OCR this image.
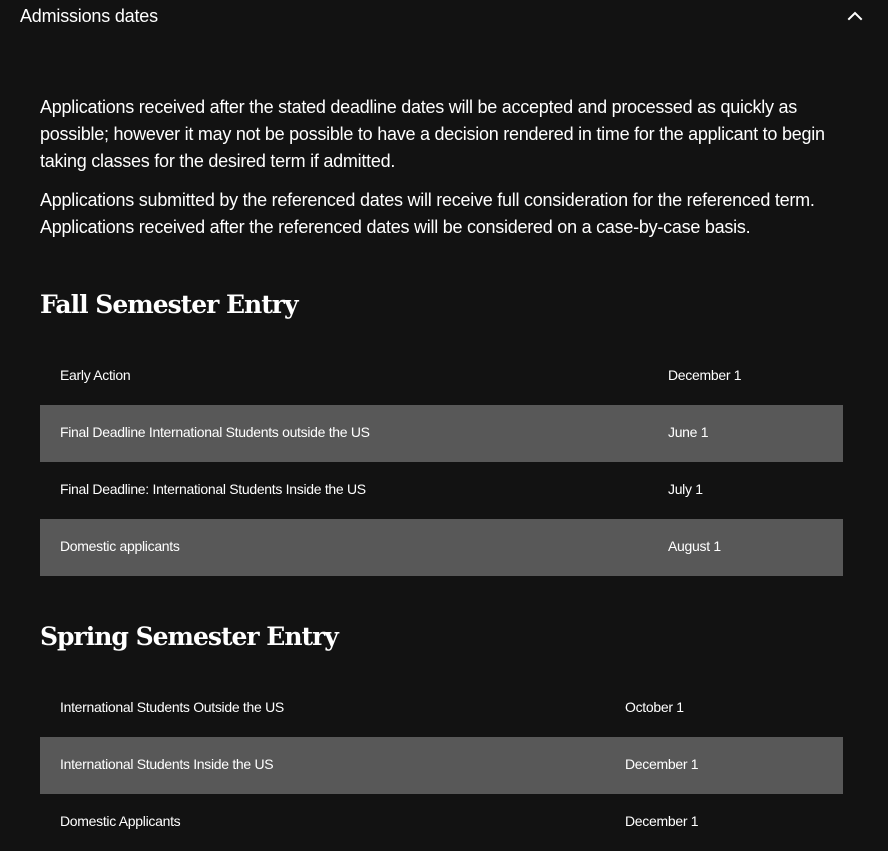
Admissions dates

Applications received after the stated deadline dates will be accepted and processed as quickly as possible; however it may not be possible to have a decision rendered in time for the applicant to begin taking classes for the desired term if admitted.

Applications submitted by the referenced dates will receive full consideration for the referenced term. Applications received after the referenced dates will be considered on a case-by-case basis.

Fall Semester Entry
Early Action	December 1
Final Deadline International Students outside the US	June 1
Final Deadline: International Students Inside the US	July 1
Domestic applicants	August 1
Spring Semester Entry
International Students Outside the US	October 1
International Students Inside the US	December 1
Domestic Applicants	December 1
